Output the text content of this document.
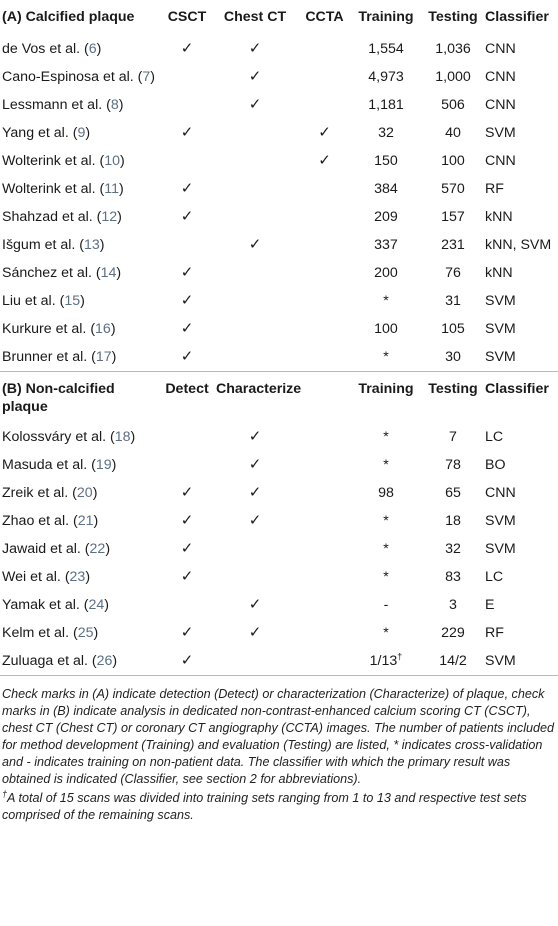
(A) Calcified plaque	CSCT	Chest CT	CCTA	Training	Testing	Classifier
de Vos et al. (6)	✓	✓		1,554	1,036	CNN
Cano-Espinosa et al. (7)		✓		4,973	1,000	CNN
Lessmann et al. (8)		✓		1,181	506	CNN
Yang et al. (9)	✓		✓	32	40	SVM
Wolterink et al. (10)			✓	150	100	CNN
Wolterink et al. (11)	✓			384	570	RF
Shahzad et al. (12)	✓			209	157	kNN
Išgum et al. (13)		✓		337	231	kNN, SVM
Sánchez et al. (14)	✓			200	76	kNN
Liu et al. (15)	✓			*	31	SVM
Kurkure et al. (16)	✓			100	105	SVM
Brunner et al. (17)	✓			*	30	SVM
(B) Non-calcified plaque	Detect	Characterize		Training	Testing	Classifier
Kolossváry et al. (18)		✓		*	7	LC
Masuda et al. (19)		✓		*	78	BO
Zreik et al. (20)	✓	✓		98	65	CNN
Zhao et al. (21)	✓	✓		*	18	SVM
Jawaid et al. (22)	✓			*	32	SVM
Wei et al. (23)	✓			*	83	LC
Yamak et al. (24)		✓		-	3	E
Kelm et al. (25)	✓	✓		*	229	RF
Zuluaga et al. (26)	✓			1/13†	14/2	SVM

Check marks in (A) indicate detection (Detect) or characterization (Characterize) of plaque, check marks in (B) indicate analysis in dedicated non-contrast-enhanced calcium scoring CT (CSCT), chest CT (Chest CT) or coronary CT angiography (CCTA) images. The number of patients included for method development (Training) and evaluation (Testing) are listed, * indicates cross-validation and - indicates training on non-patient data. The classifier with which the primary result was obtained is indicated (Classifier, see section 2 for abbreviations).

†A total of 15 scans was divided into training sets ranging from 1 to 13 and respective test sets comprised of the remaining scans.
